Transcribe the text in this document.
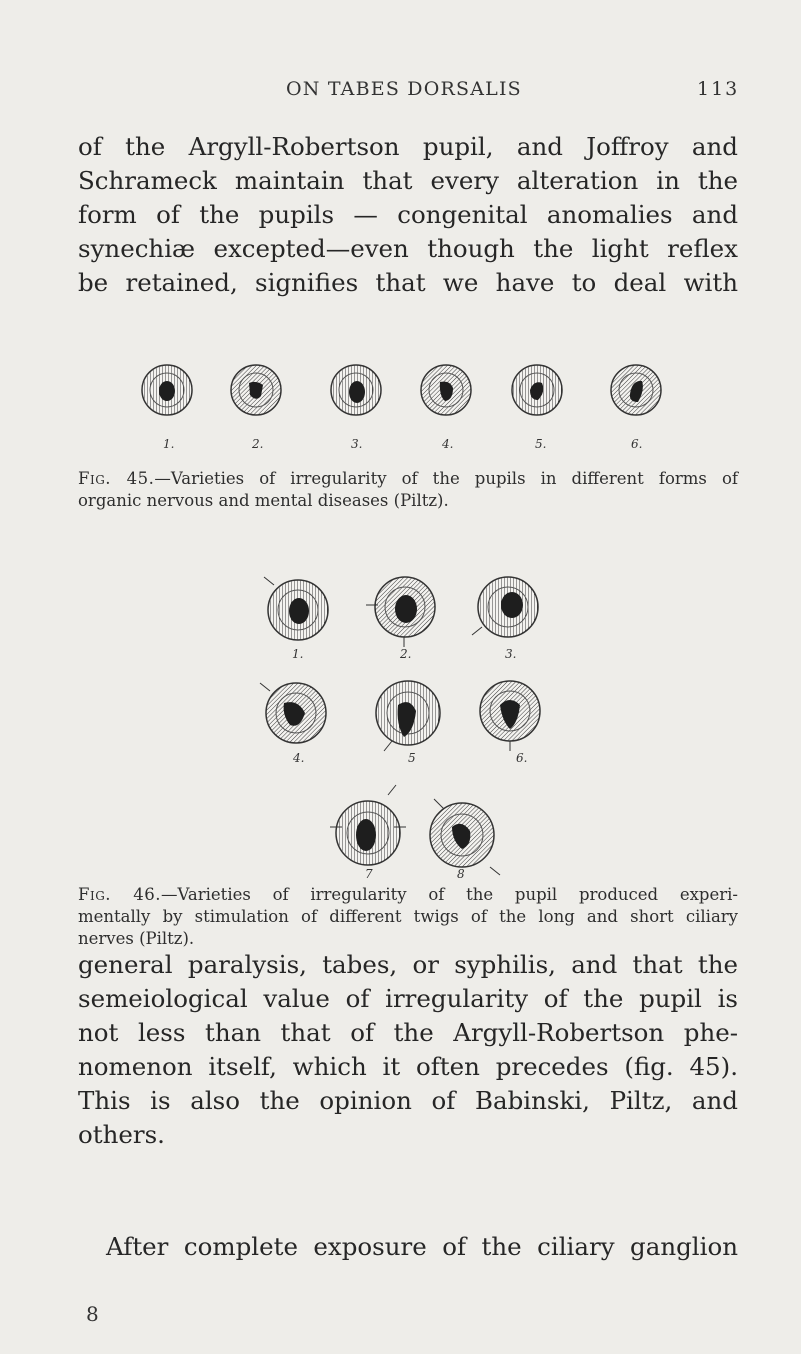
ON TABES DORSALIS	113

of the Argyll-Robertson pupil, and Joffroy and
Schrameck maintain that every alteration in the
form of the pupils — congenital anomalies and
synechiæ excepted—even though the light reflex
be retained, signifies that we have to deal with

1.	2.	3.	4.	5.	6.

Fig. 45.—Varieties of irregularity of the pupils in different forms of
organic nervous and mental diseases (Piltz).

1.	2.	3.
4.	5	6.
7	8

Fig. 46.—Varieties of irregularity of the pupil produced experi-
mentally by stimulation of different twigs of the long and short ciliary
nerves (Piltz).

general paralysis, tabes, or syphilis, and that the
semeiological value of irregularity of the pupil is
not less than that of the Argyll-Robertson phe-
nomenon itself, which it often precedes (fig. 45).
This is also the opinion of Babinski, Piltz, and
others.

After complete exposure of the ciliary ganglion

8
